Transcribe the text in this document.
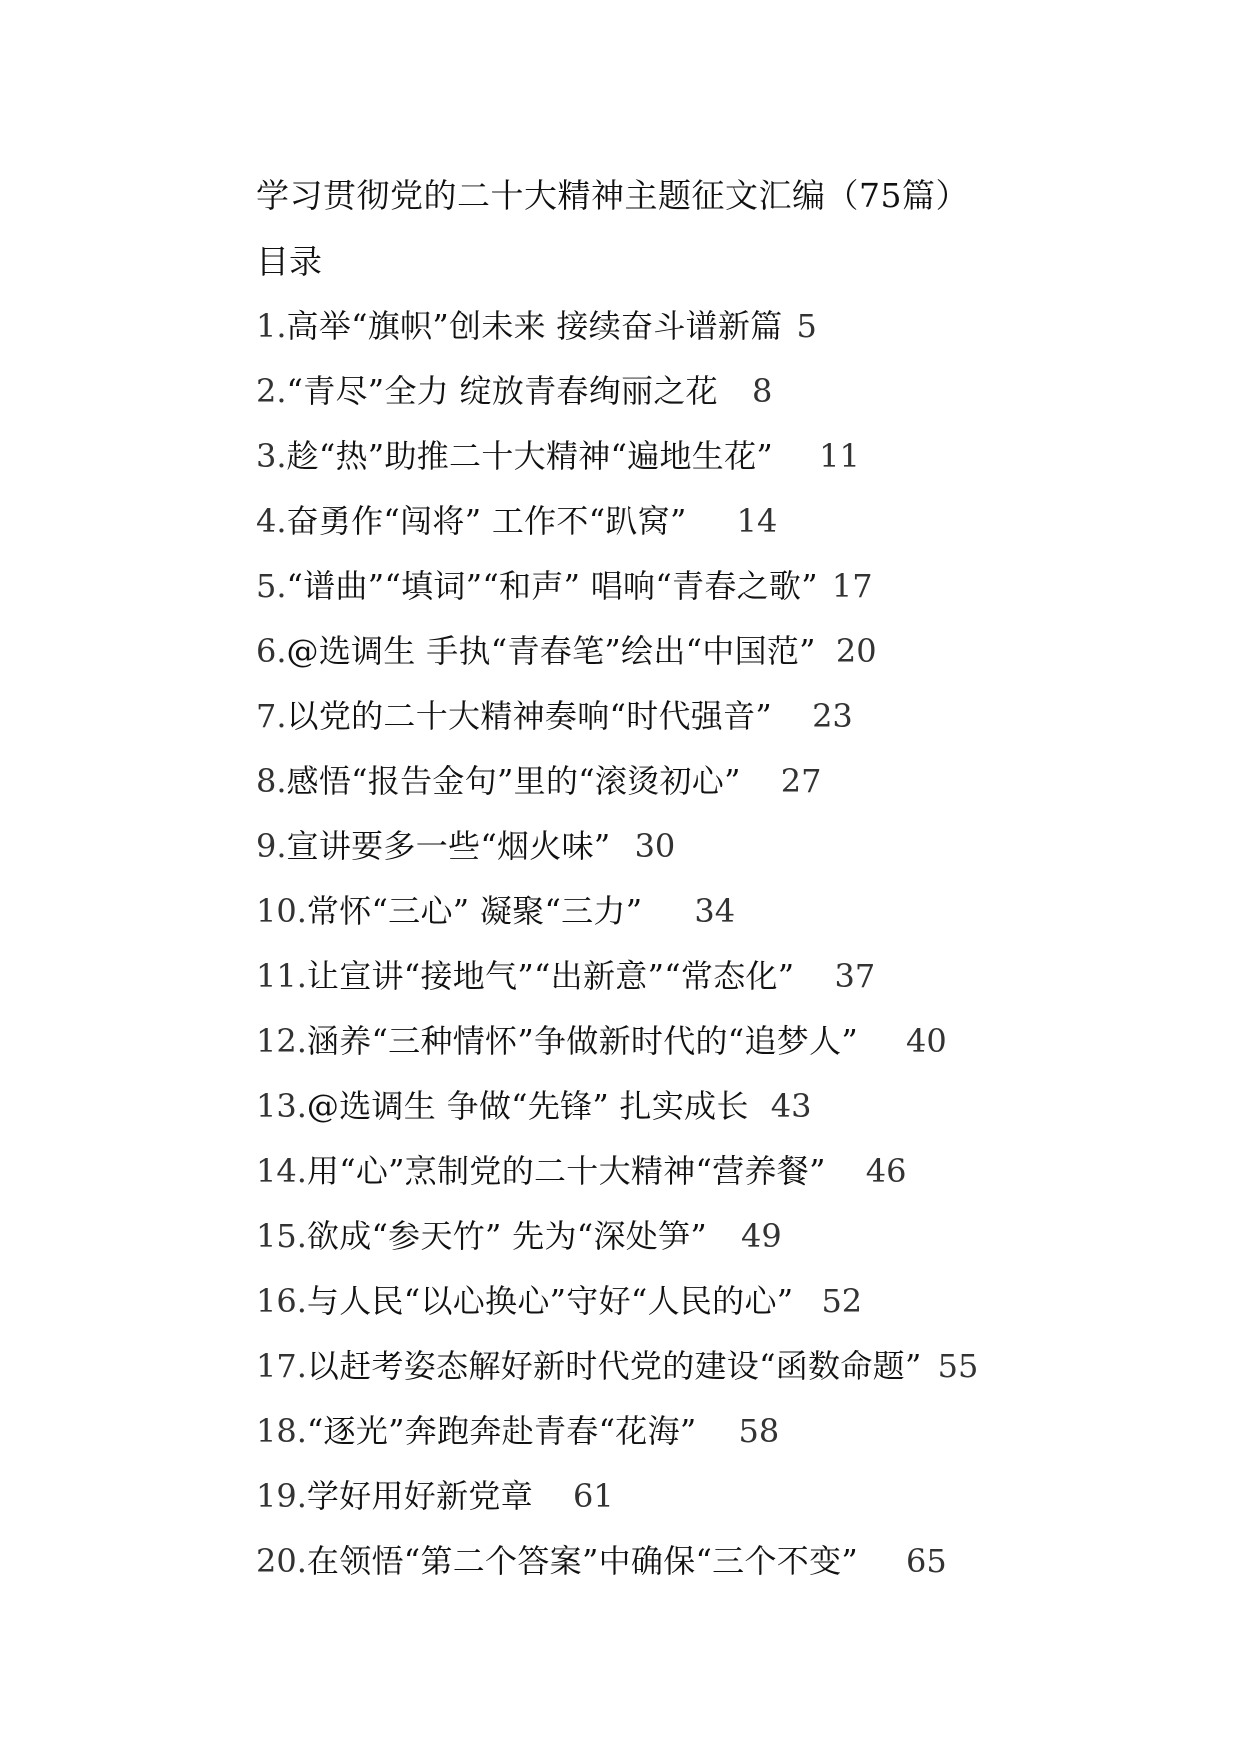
学习贯彻党的二十大精神主题征文汇编（75篇）
目录
1.高举“旗帜”创未来 接续奋斗谱新篇 5
2.“青尽”全力 绽放青春绚丽之花 8
3.趁“热”助推二十大精神“遍地生花” 11
4.奋勇作“闯将” 工作不“趴窝” 14
5.“谱曲”“填词”“和声” 唱响“青春之歌” 17
6.@选调生 手执“青春笔”绘出“中国范” 20
7.以党的二十大精神奏响“时代强音” 23
8.感悟“报告金句”里的“滚烫初心” 27
9.宣讲要多一些“烟火味” 30
10.常怀“三心” 凝聚“三力” 34
11.让宣讲“接地气”“出新意”“常态化” 37
12.涵养“三种情怀”争做新时代的“追梦人” 40
13.@选调生 争做“先锋” 扎实成长 43
14.用“心”烹制党的二十大精神“营养餐” 46
15.欲成“参天竹” 先为“深处笋” 49
16.与人民“以心换心”守好“人民的心” 52
17.以赶考姿态解好新时代党的建设“函数命题” 55
18.“逐光”奔跑奔赴青春“花海” 58
19.学好用好新党章 61
20.在领悟“第二个答案”中确保“三个不变” 65
